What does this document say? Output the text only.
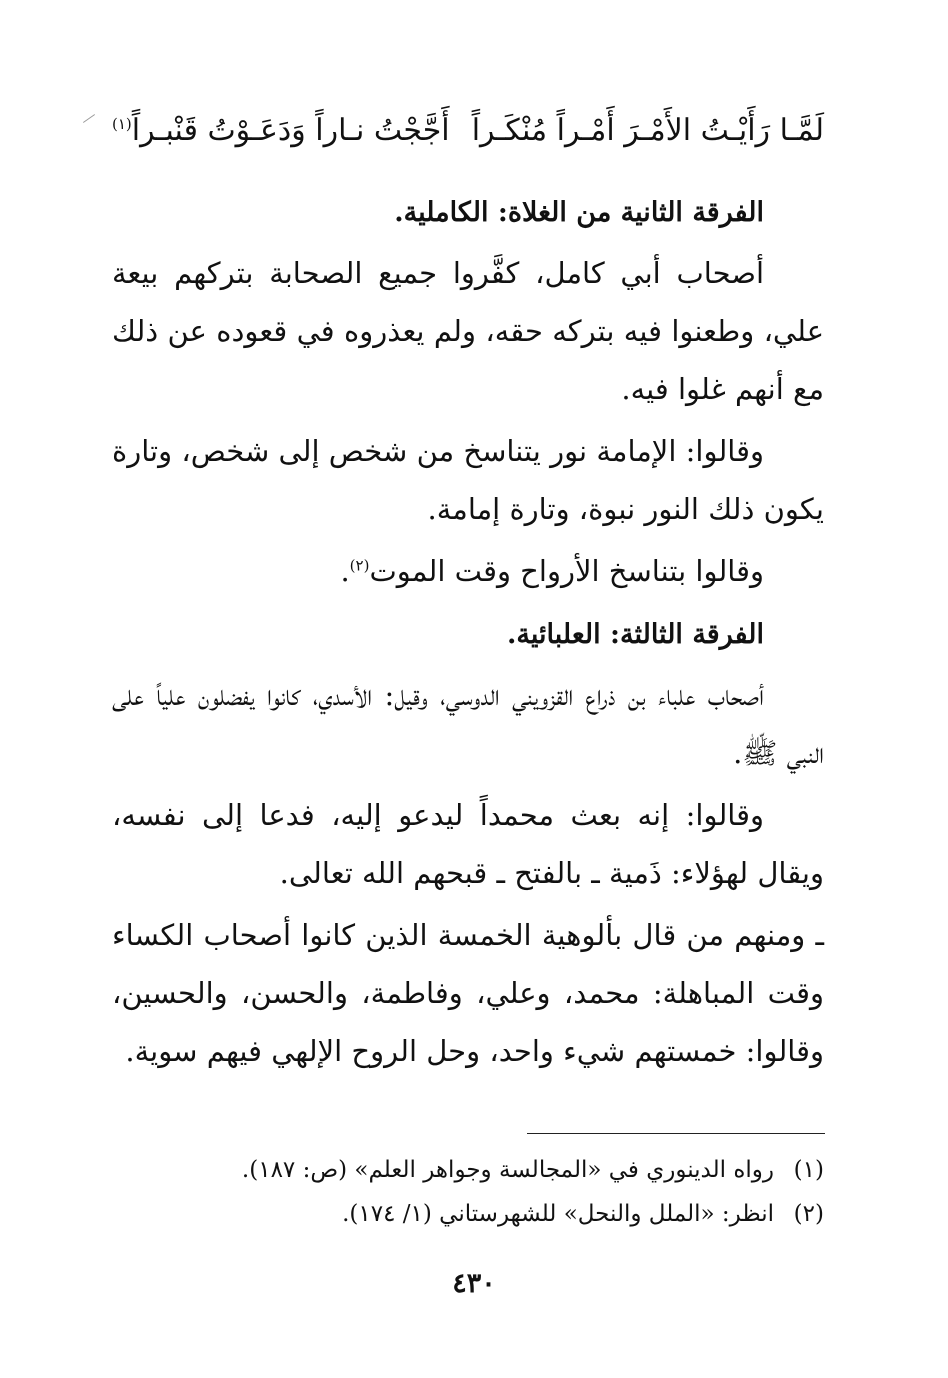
لَمَّـا رَأَيْـتُ الأَمْـرَ أَمْـراً مُنْكَـراً
أَجَّجْتُ نـاراً وَدَعَـوْتُ قَنْبـراً$^{(١)}$

الفرقة الثانية من الغلاة: الكاملية.

أصحاب أبي كامل، كفَّروا جميع الصحابة بتركهم بيعة علي، وطعنوا فيه بتركه حقه، ولم يعذروه في قعوده عن ذلك مع أنهم غلوا فيه.

وقالوا: الإمامة نور يتناسخ من شخص إلى شخص، وتارة يكون ذلك النور نبوة، وتارة إمامة.

وقالوا بتناسخ الأرواح وقت الموت$^{(٢)}$.

الفرقة الثالثة: العلبائية.

أصحاب علباء بن ذراع القزويني الدوسي، وقيل: الأسدي، كانوا يفضلون علياً على النبي ﷺ.

وقالوا: إنه بعث محمداً ليدعو إليه، فدعا إلى نفسه، ويقال لهؤلاء: ذَمية ـ بالفتح ـ قبحهم الله تعالى.

ـ ومنهم من قال بألوهية الخمسة الذين كانوا أصحاب الكساء وقت المباهلة: محمد، وعلي، وفاطمة، والحسن، والحسين، وقالوا: خمستهم شيء واحد، وحل الروح الإلهي فيهم سوية.

(١)
رواه الدينوري في «المجالسة وجواهر العلم» (ص: ١٨٧).
(٢)
انظر: «الملل والنحل» للشهرستاني (١/ ١٧٤).
٤٣٠
